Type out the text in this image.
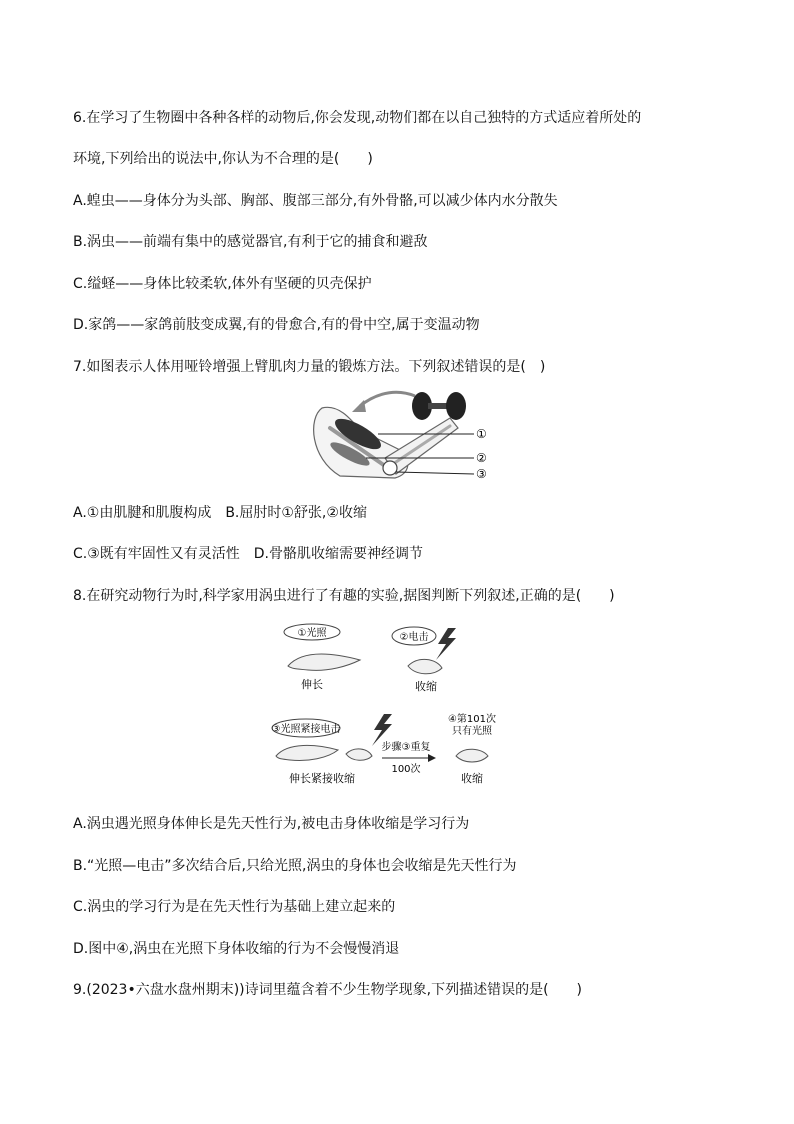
6.在学习了生物圈中各种各样的动物后,你会发现,动物们都在以自己独特的方式适应着所处的
环境,下列给出的说法中,你认为不合理的是(　　)
A.蝗虫——身体分为头部、胸部、腹部三部分,有外骨骼,可以减少体内水分散失
B.涡虫——前端有集中的感觉器官,有利于它的捕食和避敌
C.缢蛏——身体比较柔软,体外有坚硬的贝壳保护
D.家鸽——家鸽前肢变成翼,有的骨愈合,有的骨中空,属于变温动物
7.如图表示人体用哑铃增强上臂肌肉力量的锻炼方法。下列叙述错误的是(　)
①
②
③
A.①由肌腱和肌腹构成　B.屈肘时①舒张,②收缩
C.③既有牢固性又有灵活性　D.骨骼肌收缩需要神经调节
8.在研究动物行为时,科学家用涡虫进行了有趣的实验,据图判断下列叙述,正确的是(　　)
①光照
伸长
②电击
收缩
③光照紧接电击
伸长紧接收缩
步骤③重复
100次
④第101次
只有光照
收缩
A.涡虫遇光照身体伸长是先天性行为,被电击身体收缩是学习行为
B.“光照—电击”多次结合后,只给光照,涡虫的身体也会收缩是先天性行为
C.涡虫的学习行为是在先天性行为基础上建立起来的
D.图中④,涡虫在光照下身体收缩的行为不会慢慢消退
9.(2023•六盘水盘州期末))诗词里蕴含着不少生物学现象,下列描述错误的是(　　)
